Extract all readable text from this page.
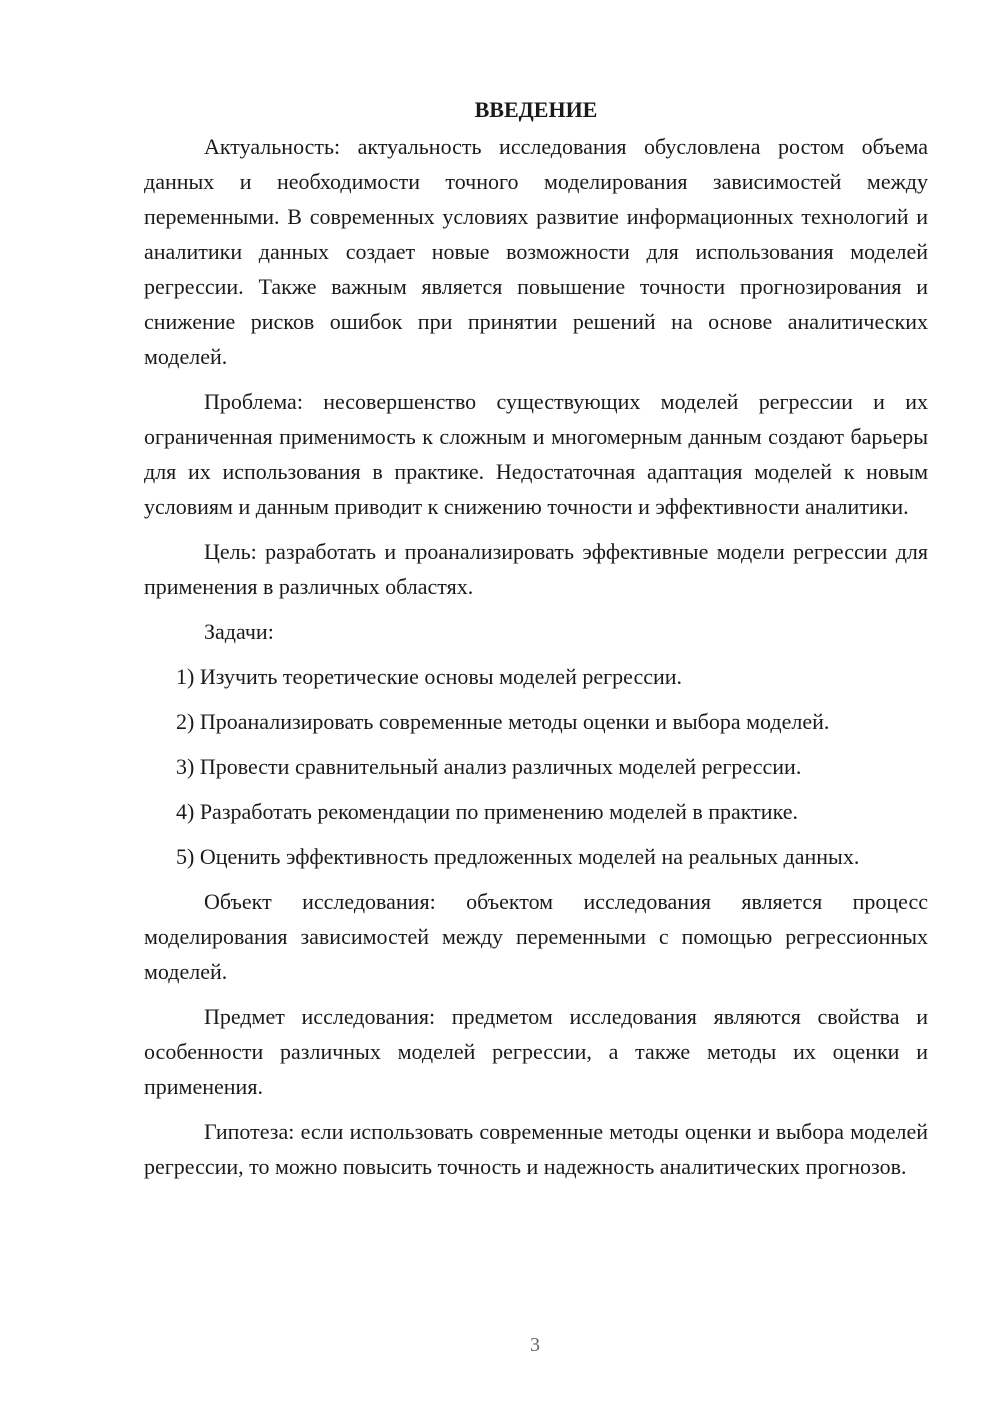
ВВЕДЕНИЕ

Актуальность: актуальность исследования обусловлена ростом объема данных и необходимости точного моделирования зависимостей между переменными. В современных условиях развитие информационных технологий и аналитики данных создает новые возможности для использования моделей регрессии. Также важным является повышение точности прогнозирования и снижение рисков ошибок при принятии решений на основе аналитических моделей.

Проблема: несовершенство существующих моделей регрессии и их ограниченная применимость к сложным и многомерным данным создают барьеры для их использования в практике. Недостаточная адаптация моделей к новым условиям и данным приводит к снижению точности и эффективности аналитики.

Цель: разработать и проанализировать эффективные модели регрессии для применения в различных областях.

Задачи:

1) Изучить теоретические основы моделей регрессии.

2) Проанализировать современные методы оценки и выбора моделей.

3) Провести сравнительный анализ различных моделей регрессии.

4) Разработать рекомендации по применению моделей в практике.

5) Оценить эффективность предложенных моделей на реальных данных.

Объект исследования: объектом исследования является процесс моделирования зависимостей между переменными с помощью регрессионных моделей.

Предмет исследования: предметом исследования являются свойства и особенности различных моделей регрессии, а также методы их оценки и применения.

Гипотеза: если использовать современные методы оценки и выбора моделей регрессии, то можно повысить точность и надежность аналитических прогнозов.

3
